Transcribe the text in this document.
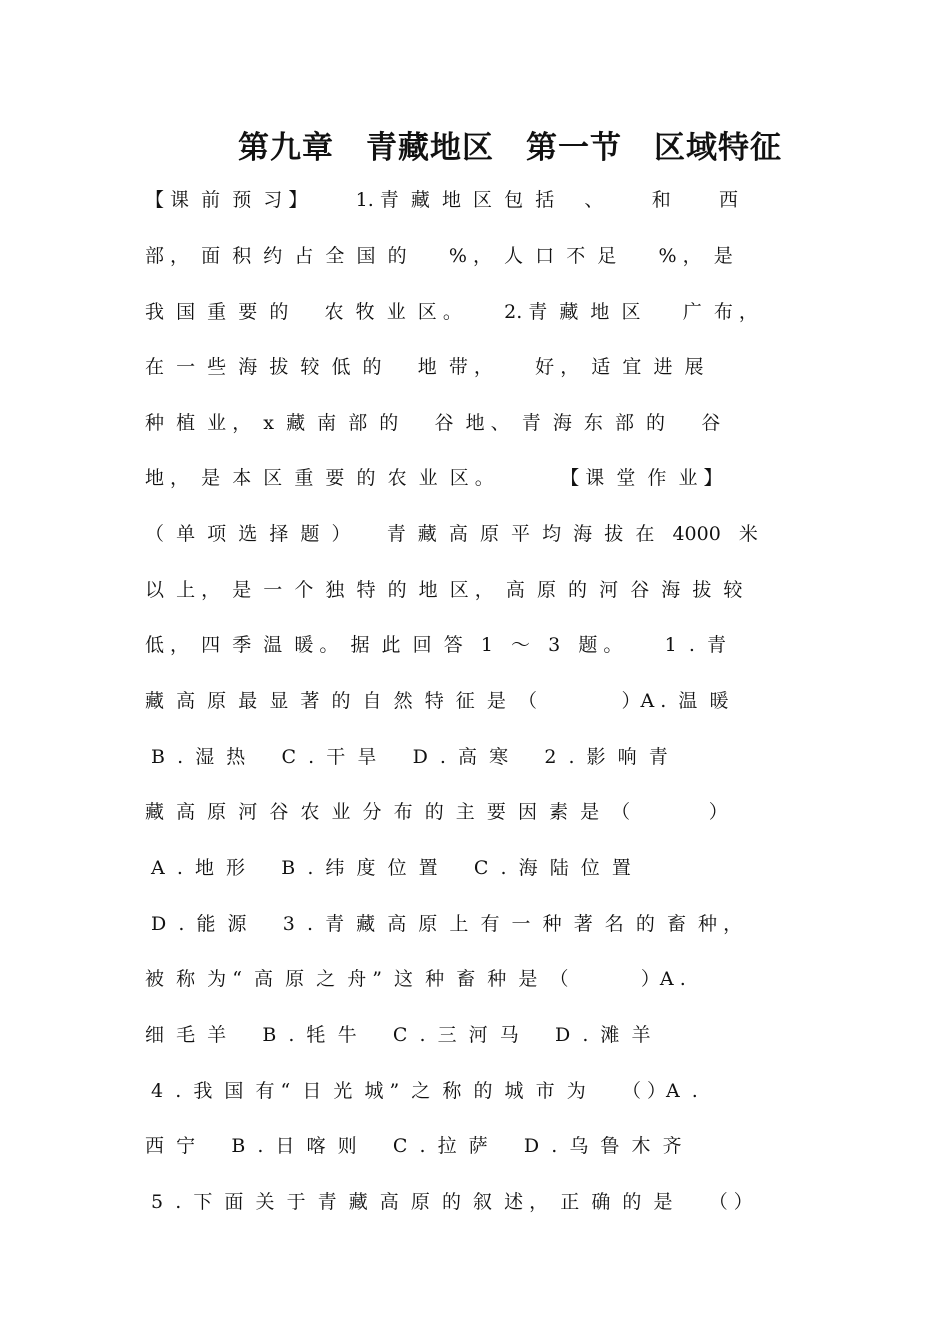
第九章　青藏地区　第一节　区域特征
【 课  前  预  习 】        1. 青  藏  地  区  包  括     、        和        西
部 ，  面  积  约  占  全  国  的       % ，  人  口  不  足       % ，  是
我  国  重  要  的      农  牧  业  区 。       2. 青  藏  地  区       广  布 ，
在  一  些  海  拔  较  低  的      地  带 ，       好 ，  适  宜  进  展
种  植  业 ，  x  藏  南  部  的      谷  地 、  青  海  东  部  的      谷
地 ，  是  本  区  重  要  的  农  业  区 。           【 课  堂  作  业 】
（  单  项  选  择  题  ）      青  藏  高  原  平  均  海  拔  在   4000   米
以  上 ，  是  一  个  独  特  的  地  区 ，  高  原  的  河  谷  海  拔  较
低 ，  四  季  温  暖 。  据  此  回  答   1   ～   3   题 。       1  .  青
藏  高  原  最  显  著  的  自  然  特  征  是  （              ）A .  温  暖
B  .  湿  热      C  .  干  旱      D  .  高  寒      2  .  影  响  青
藏  高  原  河  谷  农  业  分  布  的  主  要  因  素  是  （             ）
A  .  地  形      B  .  纬  度  位  置      C  .  海  陆  位  置
D  .  能  源      3  .  青  藏  高  原  上  有  一  种  著  名  的  畜  种 ，
被  称  为 “  高  原  之  舟 ”  这  种  畜  种  是  （            ）A .
细  毛  羊      B  .  牦  牛      C  .  三  河  马      D  .  滩  羊
4  .  我  国  有 “  日  光  城 ”  之  称  的  城  市  为      （ ）A  .
西  宁      B  .  日  喀  则      C  .  拉  萨      D  .  乌  鲁  木  齐
5  .  下  面  关  于  青  藏  高  原  的  叙  述 ，  正  确  的  是      （ ）
